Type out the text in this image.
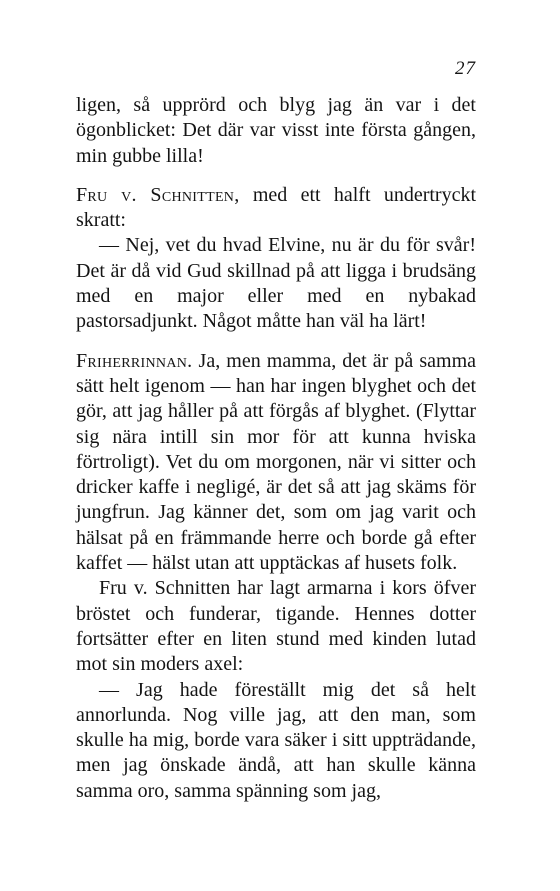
27

ligen, så upprörd och blyg jag än var i det ögonblicket: Det där var visst inte första gången, min gubbe lilla!

Fru v. Schnitten, med ett halft undertryckt skratt:

— Nej, vet du hvad Elvine, nu är du för svår! Det är då vid Gud skillnad på att ligga i brudsäng med en major eller med en nybakad pastorsadjunkt. Något måtte han väl ha lärt!

Friherrinnan. Ja, men mamma, det är på samma sätt helt igenom — han har ingen blyghet och det gör, att jag håller på att förgås af blyghet. (Flyttar sig nära intill sin mor för att kunna hviska förtroligt). Vet du om morgonen, när vi sitter och dricker kaffe i negligé, är det så att jag skäms för jungfrun. Jag känner det, som om jag varit och hälsat på en främmande herre och borde gå efter kaffet — hälst utan att upptäckas af husets folk.

Fru v. Schnitten har lagt armarna i kors öfver bröstet och funderar, tigande. Hennes dotter fortsätter efter en liten stund med kinden lutad mot sin moders axel:

— Jag hade föreställt mig det så helt annorlunda. Nog ville jag, att den man, som skulle ha mig, borde vara säker i sitt uppträdande, men jag önskade ändå, att han skulle känna samma oro, samma spänning som jag,
